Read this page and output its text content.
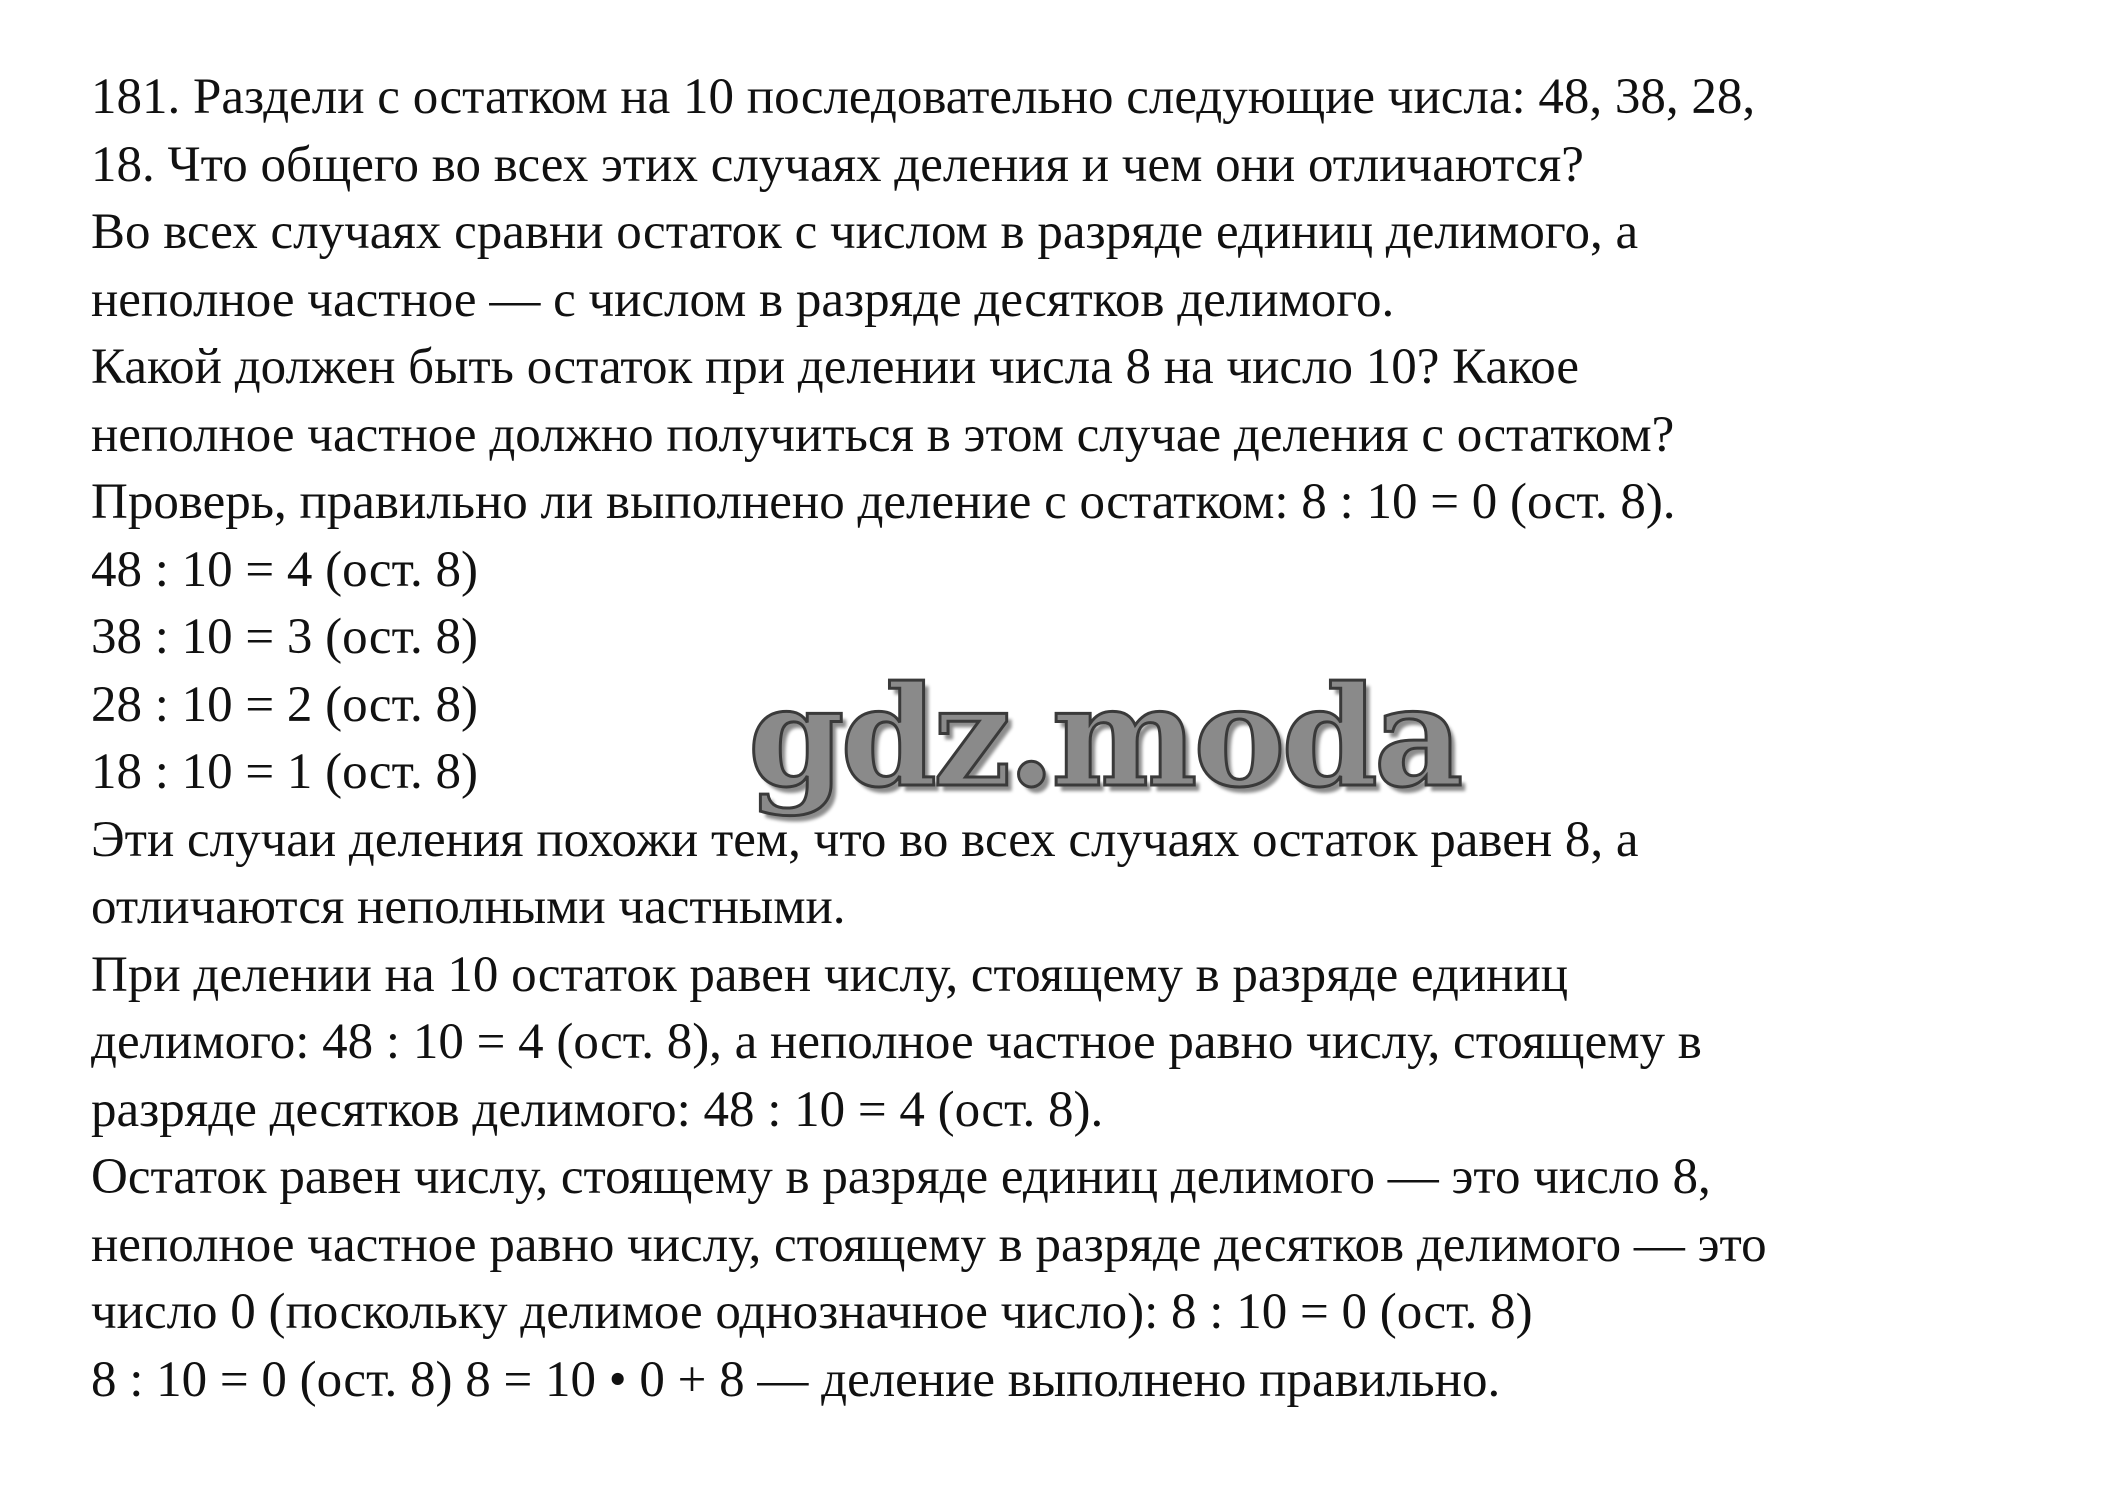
181. Раздели с остатком на 10 последовательно следующие числа: 48, 38, 28,
18. Что общего во всех этих случаях деления и чем они отличаются?
Во всех случаях сравни остаток с числом в разряде единиц делимого, а
неполное частное — с числом в разряде десятков делимого.
Какой должен быть остаток при делении числа 8 на число 10? Какое
неполное частное должно получиться в этом случае деления с остатком?
Проверь, правильно ли выполнено деление с остатком: 8 : 10 = 0 (ост. 8).
48 : 10 = 4 (ост. 8)
38 : 10 = 3 (ост. 8)
28 : 10 = 2 (ост. 8)
18 : 10 = 1 (ост. 8)
Эти случаи деления похожи тем, что во всех случаях остаток равен 8, а
отличаются неполными частными.
При делении на 10 остаток равен числу, стоящему в разряде единиц
делимого: 48 : 10 = 4 (ост. 8), а неполное частное равно числу, стоящему в
разряде десятков делимого: 48 : 10 = 4 (ост. 8).
Остаток равен числу, стоящему в разряде единиц делимого — это число 8,
неполное частное равно числу, стоящему в разряде десятков делимого — это
число 0 (поскольку делимое однозначное число): 8 : 10 = 0 (ост. 8)
8 : 10 = 0 (ост. 8) 8 = 10 • 0 + 8 — деление выполнено правильно.
gdz.moda
